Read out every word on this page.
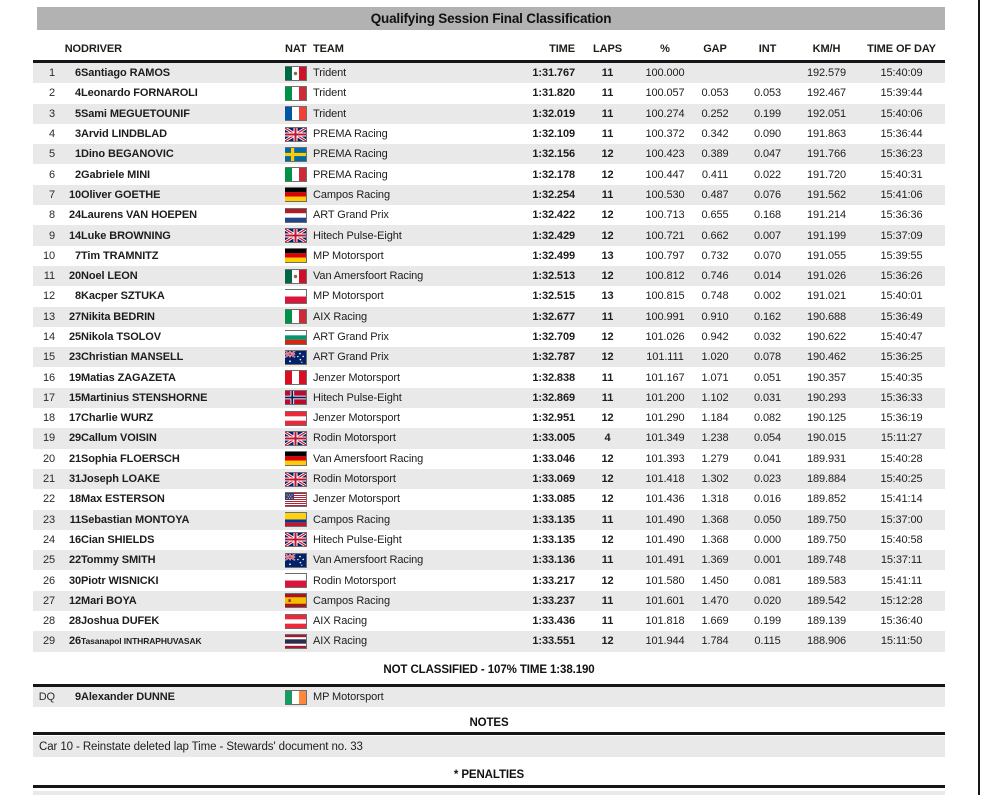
Qualifying Session Final Classification
	NO	DRIVER	NAT	TEAM	TIME	LAPS	%	GAP	INT	KM/H	TIME OF DAY
1	6	Santiago RAMOS		Trident	1:31.767	11	100.000			192.579	15:40:09
2	4	Leonardo FORNAROLI		Trident	1:31.820	11	100.057	0.053	0.053	192.467	15:39:44
3	5	Sami MEGUETOUNIF		Trident	1:32.019	11	100.274	0.252	0.199	192.051	15:40:06
4	3	Arvid LINDBLAD		PREMA Racing	1:32.109	11	100.372	0.342	0.090	191.863	15:36:44
5	1	Dino BEGANOVIC		PREMA Racing	1:32.156	12	100.423	0.389	0.047	191.766	15:36:23
6	2	Gabriele MINI		PREMA Racing	1:32.178	12	100.447	0.411	0.022	191.720	15:40:31
7	10	Oliver GOETHE		Campos Racing	1:32.254	11	100.530	0.487	0.076	191.562	15:41:06
8	24	Laurens VAN HOEPEN		ART Grand Prix	1:32.422	12	100.713	0.655	0.168	191.214	15:36:36
9	14	Luke BROWNING		Hitech Pulse-Eight	1:32.429	12	100.721	0.662	0.007	191.199	15:37:09
10	7	Tim TRAMNITZ		MP Motorsport	1:32.499	13	100.797	0.732	0.070	191.055	15:39:55
11	20	Noel LEON		Van Amersfoort Racing	1:32.513	12	100.812	0.746	0.014	191.026	15:36:26
12	8	Kacper SZTUKA		MP Motorsport	1:32.515	13	100.815	0.748	0.002	191.021	15:40:01
13	27	Nikita BEDRIN		AIX Racing	1:32.677	11	100.991	0.910	0.162	190.688	15:36:49
14	25	Nikola TSOLOV		ART Grand Prix	1:32.709	12	101.026	0.942	0.032	190.622	15:40:47
15	23	Christian MANSELL		ART Grand Prix	1:32.787	12	101.111	1.020	0.078	190.462	15:36:25
16	19	Matias ZAGAZETA		Jenzer Motorsport	1:32.838	11	101.167	1.071	0.051	190.357	15:40:35
17	15	Martinius STENSHORNE		Hitech Pulse-Eight	1:32.869	11	101.200	1.102	0.031	190.293	15:36:33
18	17	Charlie WURZ		Jenzer Motorsport	1:32.951	12	101.290	1.184	0.082	190.125	15:36:19
19	29	Callum VOISIN		Rodin Motorsport	1:33.005	4	101.349	1.238	0.054	190.015	15:11:27
20	21	Sophia FLOERSCH		Van Amersfoort Racing	1:33.046	12	101.393	1.279	0.041	189.931	15:40:28
21	31	Joseph LOAKE		Rodin Motorsport	1:33.069	12	101.418	1.302	0.023	189.884	15:40:25
22	18	Max ESTERSON		Jenzer Motorsport	1:33.085	12	101.436	1.318	0.016	189.852	15:41:14
23	11	Sebastian MONTOYA		Campos Racing	1:33.135	11	101.490	1.368	0.050	189.750	15:37:00
24	16	Cian SHIELDS		Hitech Pulse-Eight	1:33.135	12	101.490	1.368	0.000	189.750	15:40:58
25	22	Tommy SMITH		Van Amersfoort Racing	1:33.136	11	101.491	1.369	0.001	189.748	15:37:11
26	30	Piotr WISNICKI		Rodin Motorsport	1:33.217	12	101.580	1.450	0.081	189.583	15:41:11
27	12	Mari BOYA		Campos Racing	1:33.237	11	101.601	1.470	0.020	189.542	15:12:28
28	28	Joshua DUFEK		AIX Racing	1:33.436	11	101.818	1.669	0.199	189.139	15:36:40
29	26	Tasanapol INTHRAPHUVASAK		AIX Racing	1:33.551	12	101.944	1.784	0.115	188.906	15:11:50
NOT CLASSIFIED - 107% TIME 1:38.190
DQ	9	Alexander DUNNE		MP Motorsport							
NOTES
Car 10 - Reinstate deleted lap Time - Stewards' document no. 33
* PENALTIES
